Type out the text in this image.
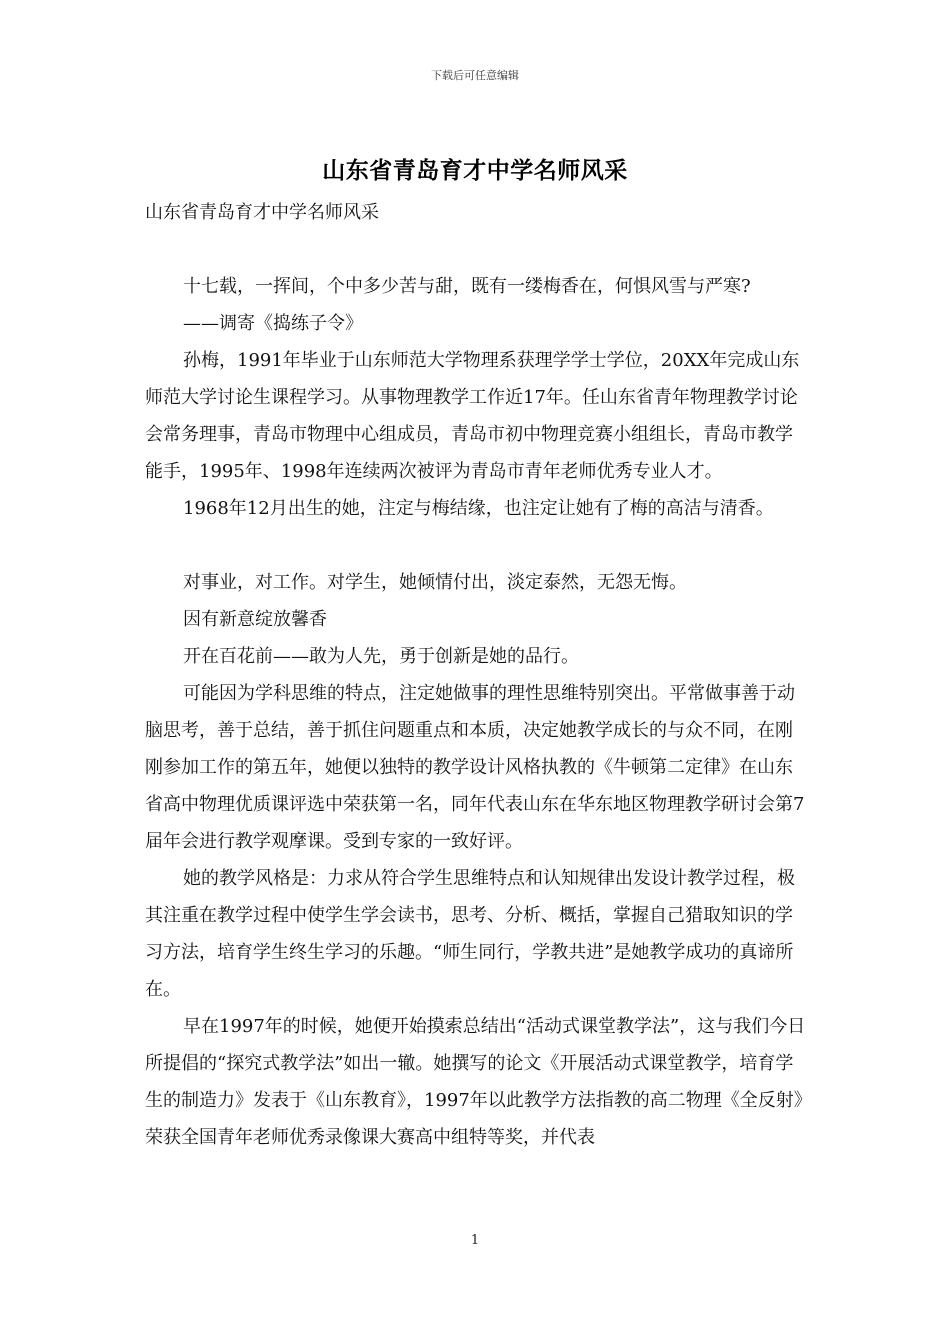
下载后可任意编辑
山东省青岛育才中学名师风采

山东省青岛育才中学名师风采

十七载，一挥间，个中多少苦与甜，既有一缕梅香在，何惧风雪与严寒?

——调寄《捣练子令》

孙梅，1991年毕业于山东师范大学物理系获理学学士学位，20XX年完成山东师范大学讨论生课程学习。从事物理教学工作近17年。任山东省青年物理教学讨论会常务理事，青岛市物理中心组成员，青岛市初中物理竞赛小组组长，青岛市教学能手，1995年、1998年连续两次被评为青岛市青年老师优秀专业人才。

1968年12月出生的她，注定与梅结缘，也注定让她有了梅的高洁与清香。

对事业，对工作。对学生，她倾情付出，淡定泰然，无怨无悔。

因有新意绽放馨香

开在百花前——敢为人先，勇于创新是她的品行。

可能因为学科思维的特点，注定她做事的理性思维特别突出。平常做事善于动脑思考，善于总结，善于抓住问题重点和本质，决定她教学成长的与众不同，在刚刚参加工作的第五年，她便以独特的教学设计风格执教的《牛顿第二定律》在山东省高中物理优质课评选中荣获第一名，同年代表山东在华东地区物理教学研讨会第7届年会进行教学观摩课。受到专家的一致好评。

她的教学风格是：力求从符合学生思维特点和认知规律出发设计教学过程，极其注重在教学过程中使学生学会读书，思考、分析、概括，掌握自己猎取知识的学习方法，培育学生终生学习的乐趣。“师生同行，学教共进”是她教学成功的真谛所在。

早在1997年的时候，她便开始摸索总结出“活动式课堂教学法”，这与我们今日所提倡的“探究式教学法”如出一辙。她撰写的论文《开展活动式课堂教学，培育学生的制造力》发表于《山东教育》，1997年以此教学方法指教的高二物理《全反射》荣获全国青年老师优秀录像课大赛高中组特等奖，并代表

1
